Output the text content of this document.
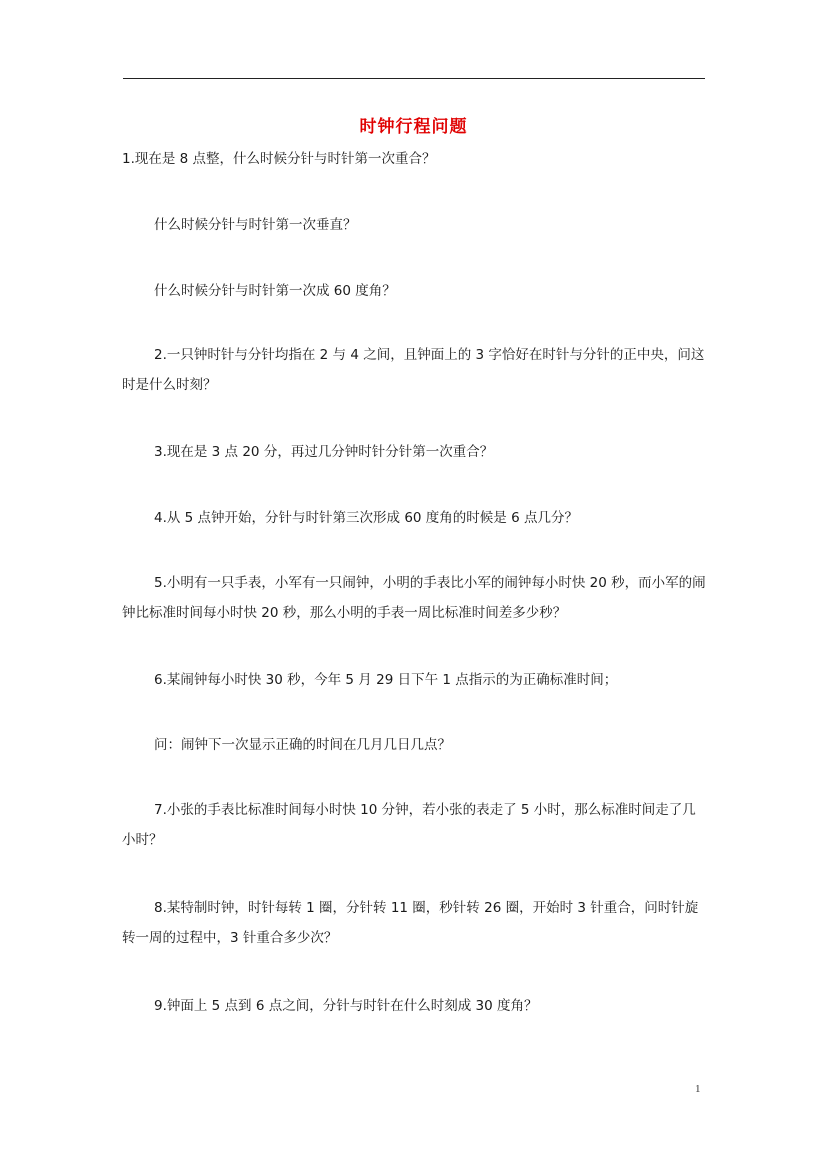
时钟行程问题

1.现在是 8 点整，什么时候分针与时针第一次重合？

什么时候分针与时针第一次垂直？

什么时候分针与时针第一次成 60 度角？

2.一只钟时针与分针均指在 2 与 4 之间，且钟面上的 3 字恰好在时针与分针的正中央，问这时是什么时刻？

3.现在是 3 点 20 分，再过几分钟时针分针第一次重合？

4.从 5 点钟开始，分针与时针第三次形成 60 度角的时候是 6 点几分？

5.小明有一只手表，小军有一只闹钟，小明的手表比小军的闹钟每小时快 20 秒，而小军的闹钟比标准时间每小时快 20 秒，那么小明的手表一周比标准时间差多少秒？

6.某闹钟每小时快 30 秒，今年 5 月 29 日下午 1 点指示的为正确标准时间；

问：闹钟下一次显示正确的时间在几月几日几点？

7.小张的手表比标准时间每小时快 10 分钟，若小张的表走了 5 小时，那么标准时间走了几小时？

8.某特制时钟，时针每转 1 圈，分针转 11 圈，秒针转 26 圈，开始时 3 针重合，问时针旋转一周的过程中，3 针重合多少次？

9.钟面上 5 点到 6 点之间，分针与时针在什么时刻成 30 度角？

1
